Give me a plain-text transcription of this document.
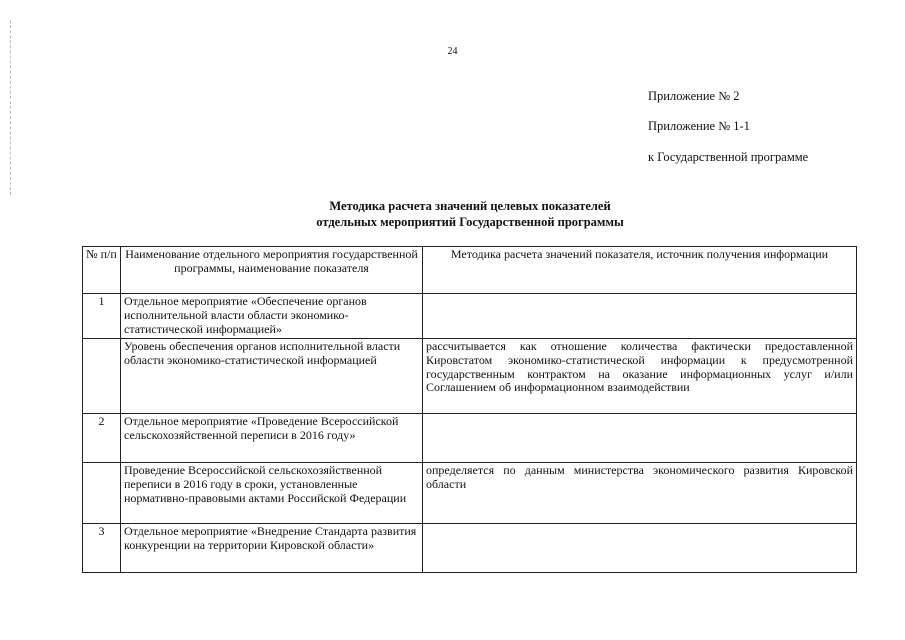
24
Приложение № 2
Приложение № 1-1
к Государственной программе
Методика расчета значений целевых показателей
отдельных мероприятий Государственной программы
№ п/п	Наименование отдельного мероприятия государственной программы, наименование показателя	Методика расчета значений показателя, источник получения информации
1	Отдельное мероприятие «Обеспечение органов исполнительной власти области экономико-статистической информацией»	
	Уровень обеспечения органов исполнительной власти области экономико-статистической информацией	рассчитывается как отношение количества фактически предоставленной Кировстатом экономико-статистической информации к предусмотренной государственным контрактом на оказание информационных услуг и/или Соглашением об информационном взаимодействии
2	Отдельное мероприятие «Проведение Всероссийской сельскохозяйственной переписи в 2016 году»	
	Проведение Всероссийской сельскохозяйственной переписи в 2016 году в сроки, установленные нормативно-правовыми актами Российской Федерации	определяется по данным министерства экономического развития Кировской области
3	Отдельное мероприятие «Внедрение Стандарта развития конкуренции на территории Кировской области»	
